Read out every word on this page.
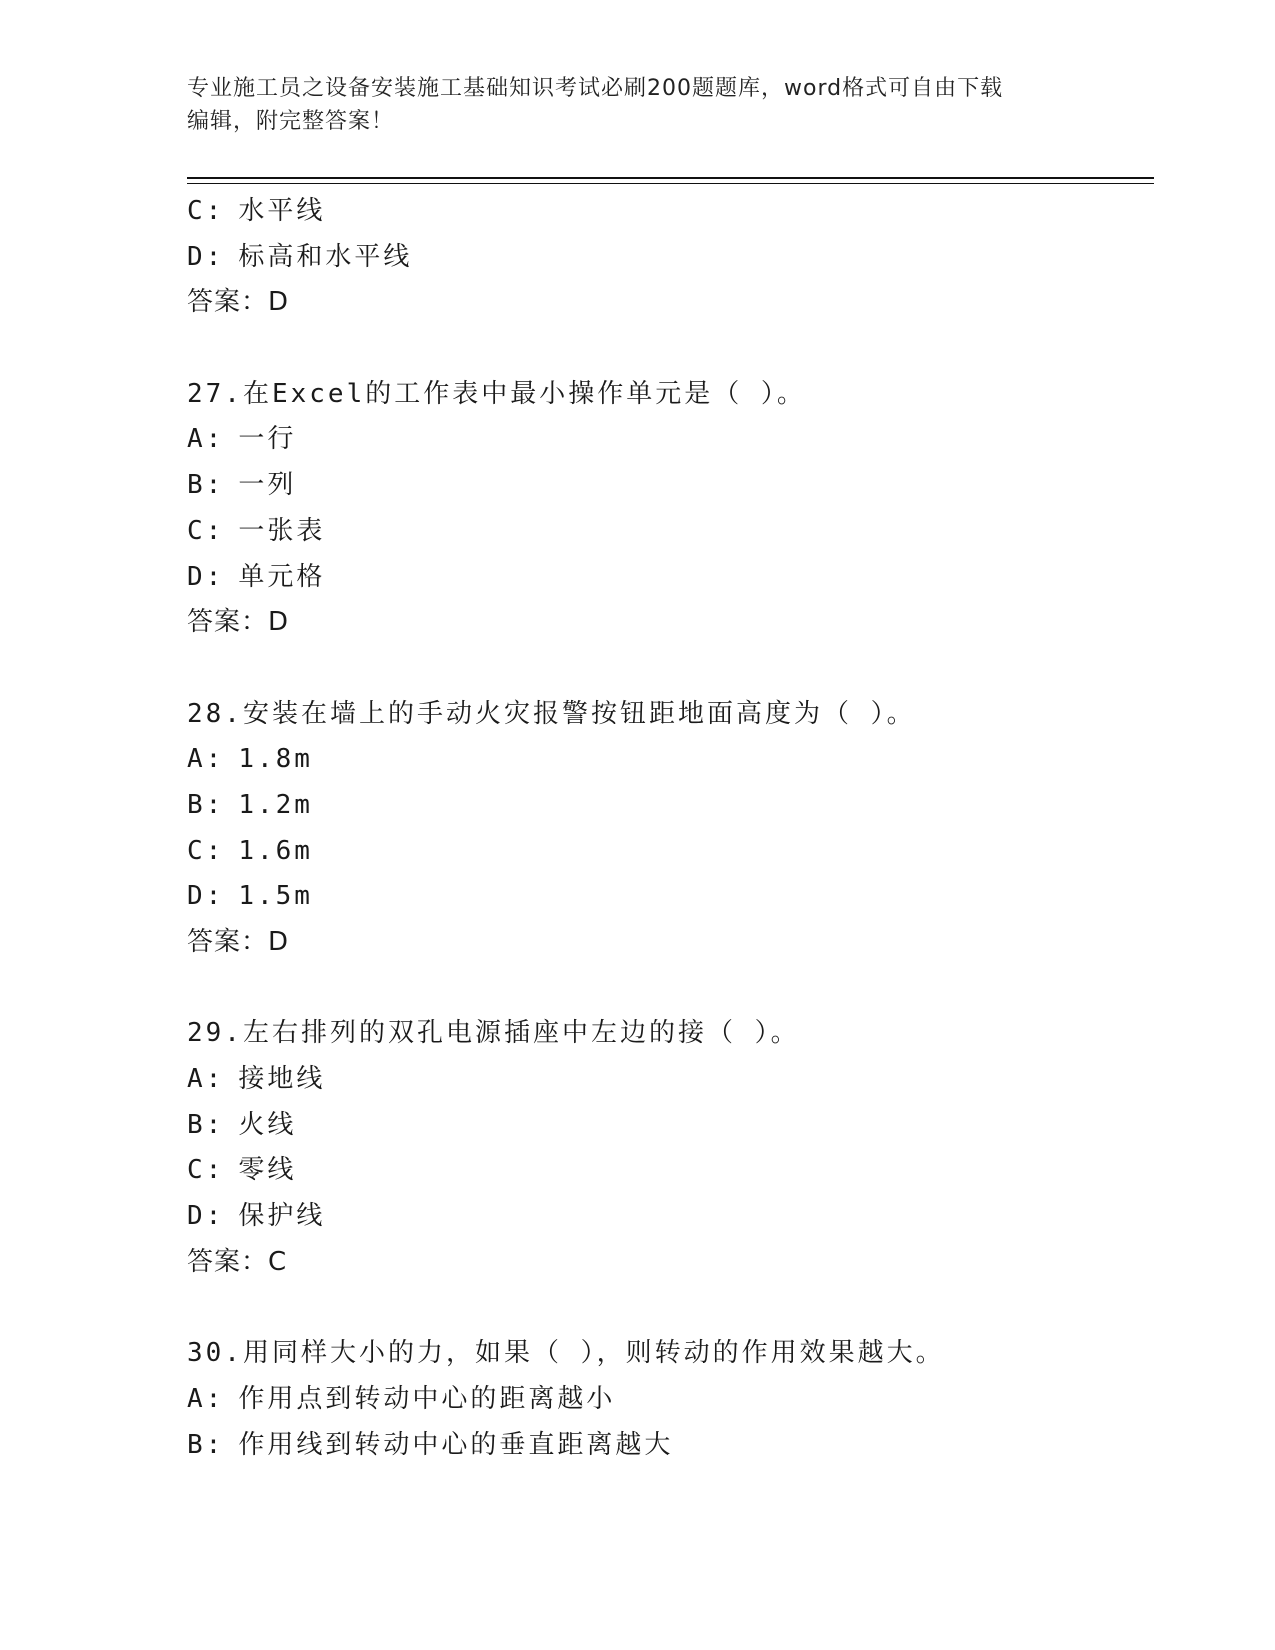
专业施工员之设备安装施工基础知识考试必刷200题题库，word格式可自由下载
编辑，附完整答案！
C: 水平线
D: 标高和水平线
答案：D
27.在Excel的工作表中最小操作单元是（ ）。
A: 一行
B: 一列
C: 一张表
D: 单元格
答案：D
28.安装在墙上的手动火灾报警按钮距地面高度为（ ）。
A: 1.8m
B: 1.2m
C: 1.6m
D: 1.5m
答案：D
29.左右排列的双孔电源插座中左边的接（ ）。
A: 接地线
B: 火线
C: 零线
D: 保护线
答案：C
30.用同样大小的力，如果（ ），则转动的作用效果越大。
A: 作用点到转动中心的距离越小
B: 作用线到转动中心的垂直距离越大
